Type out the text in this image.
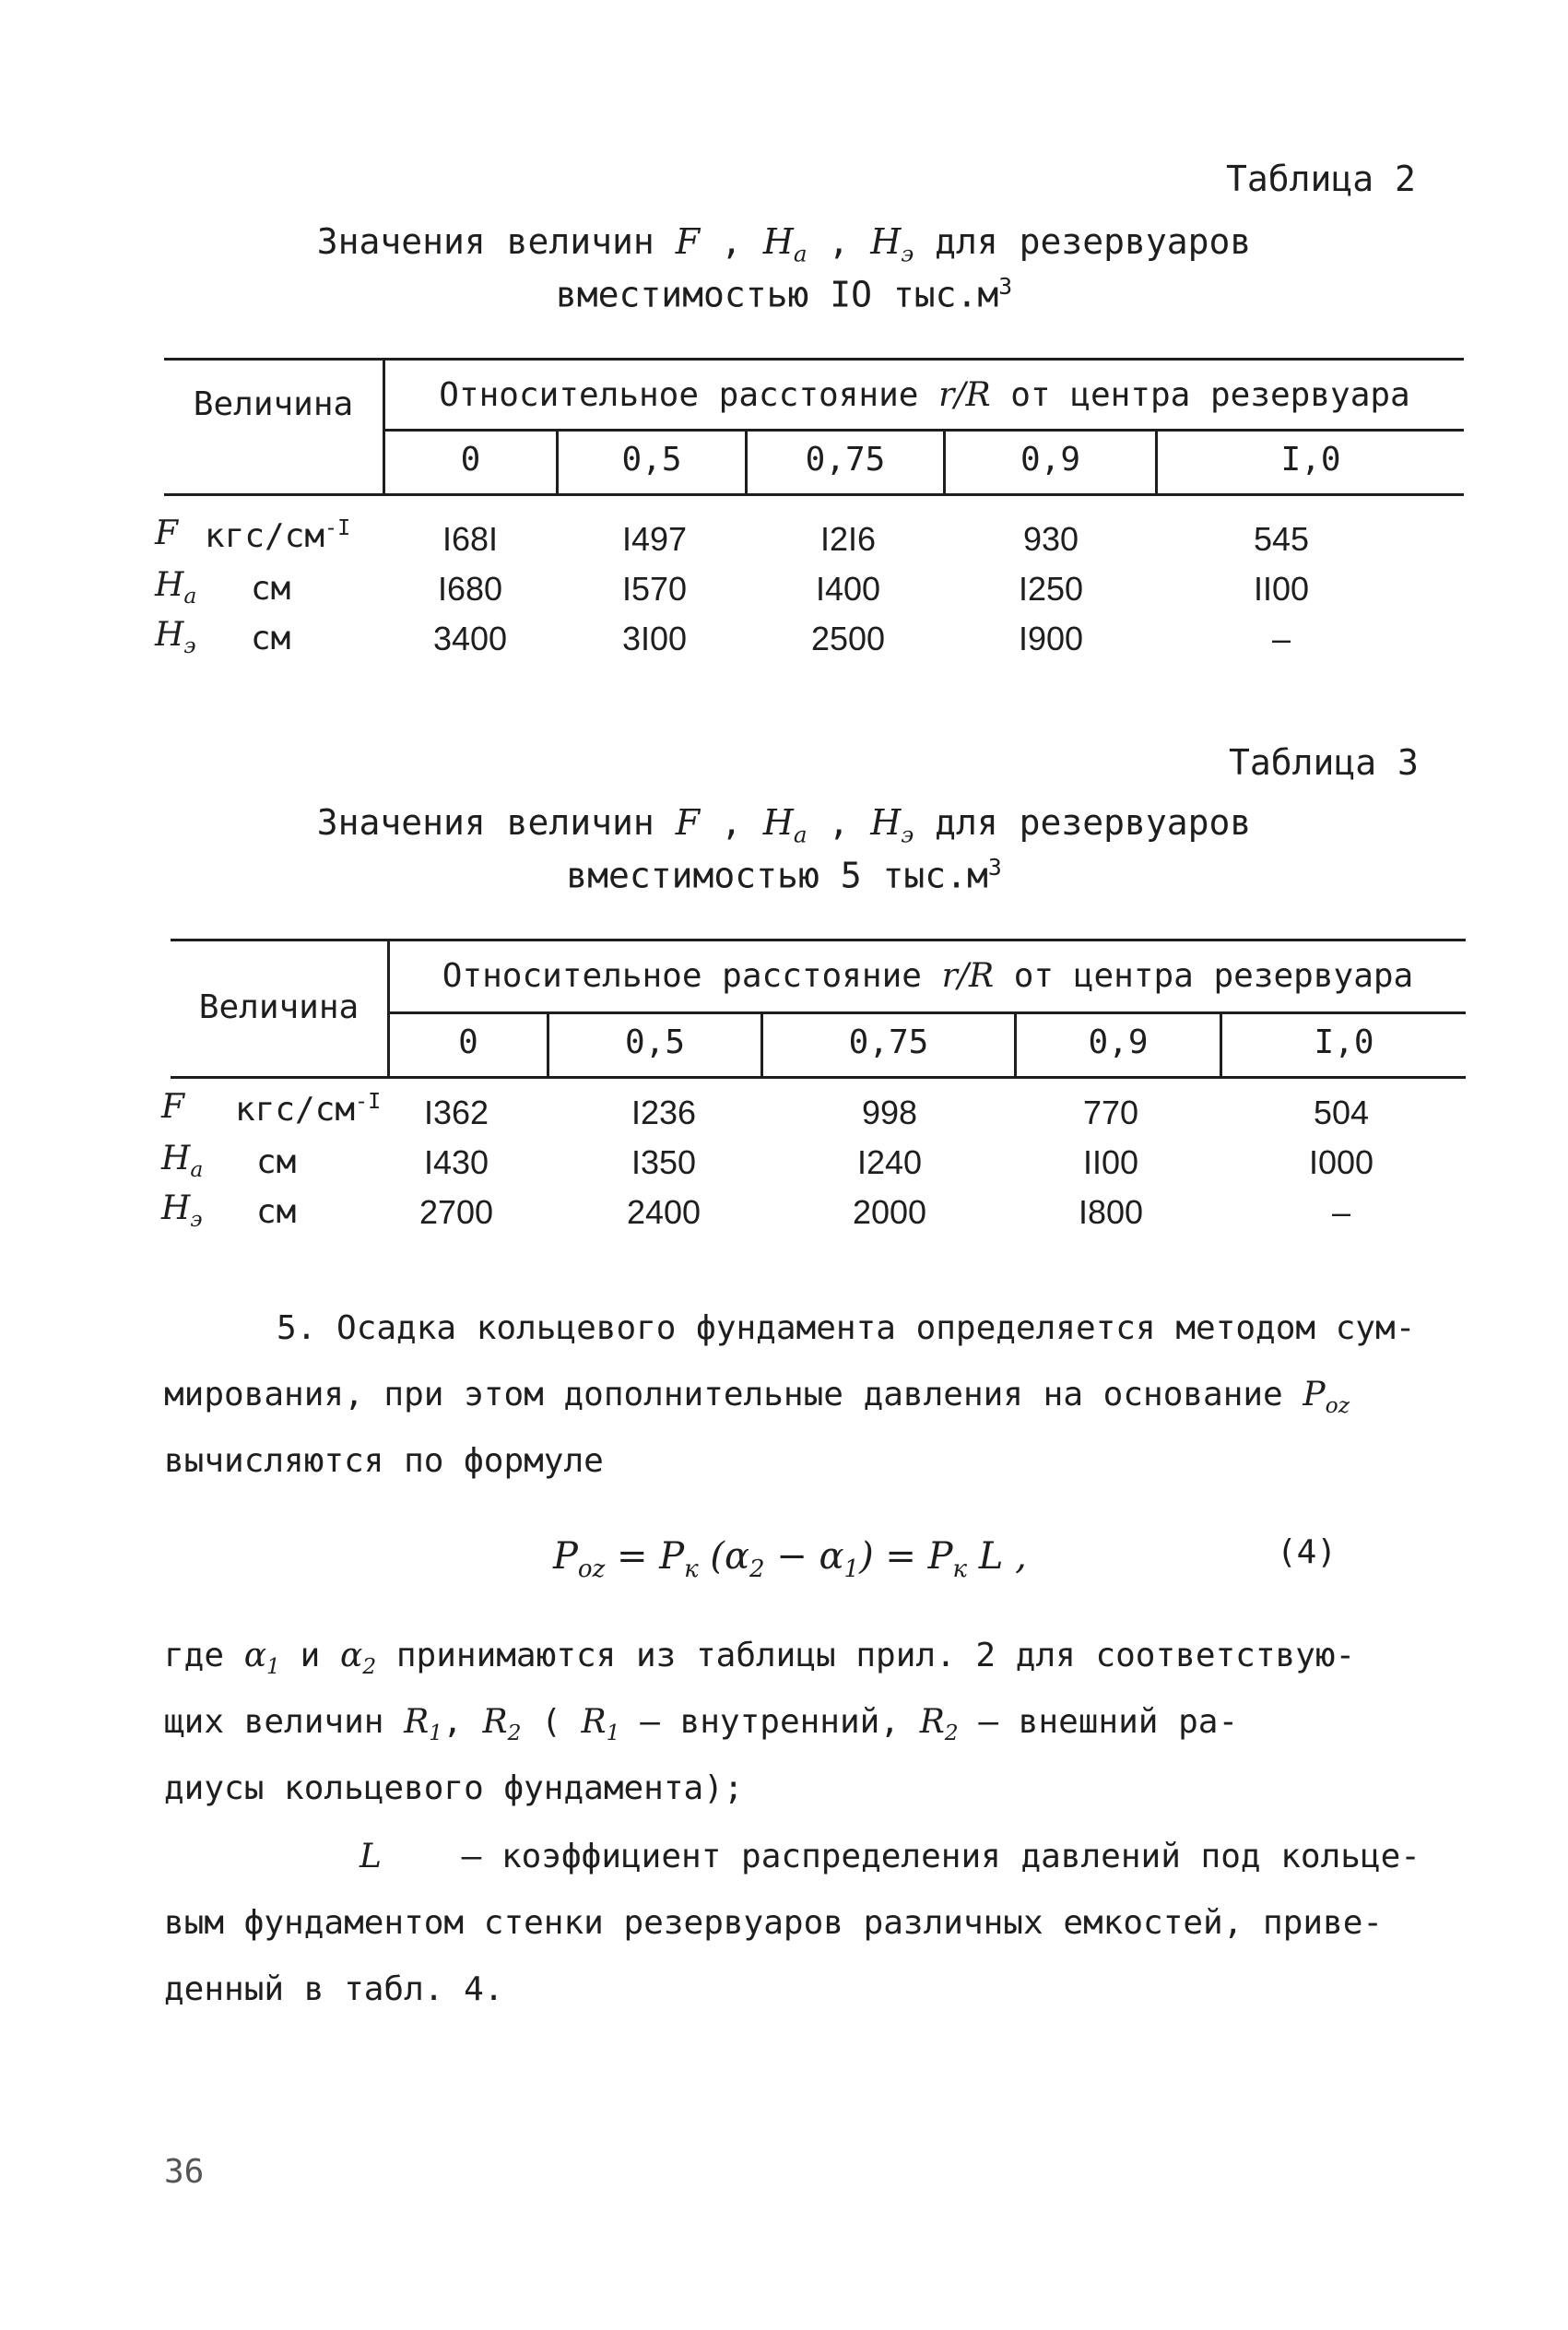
Таблица 2
Значения величин F , $H_a$ , $H_э$ для резервуаров
вместимостью IO $тыс.м^3$
Величина	Относительное расстояние r/R от центра резервуара
0	0,5	0,75	0,9	I,0
F кгс/$см^{-I}$	I68I	I497	I2I6	930	545
$H_a$ см	I680	I570	I400	I250	II00
$H_э$ см	3400	3I00	2500	I900	–
Таблица 3
Значения величин F , $H_a$ , $H_э$ для резервуаров
вместимостью 5 $тыс.м^3$
Величина
Относительное расстояние r/R от центра резервуара
0	0,5	0,75	0,9	I,0
F кгс/$см^{-I}$	I362	I236	998	770	504
$H_a$ см	I430	I350	I240	II00	I000
$H_э$ см	2700	2400	2000	I800	–
5. Осадка кольцевого фундамента определяется методом сум-
мирования, при этом дополнительные давления на основание $P_{oz}$
вычисляются по формуле
$P_{oz} = P_к$ $(\alpha_2 - \alpha_1) = P_к$ L ,	(4)
где $\alpha_1$ и $\alpha_2$ принимаются из таблицы прил. 2 для соответствую-
щих величин $R_1$, $R_2$ ( $R_1$ – внутренний, $R_2$ – внешний ра-
диусы кольцевого фундамента);
L – коэффициент распределения давлений под кольце-
вым фундаментом стенки резервуаров различных емкостей, приве-
денный в табл. 4.
36
